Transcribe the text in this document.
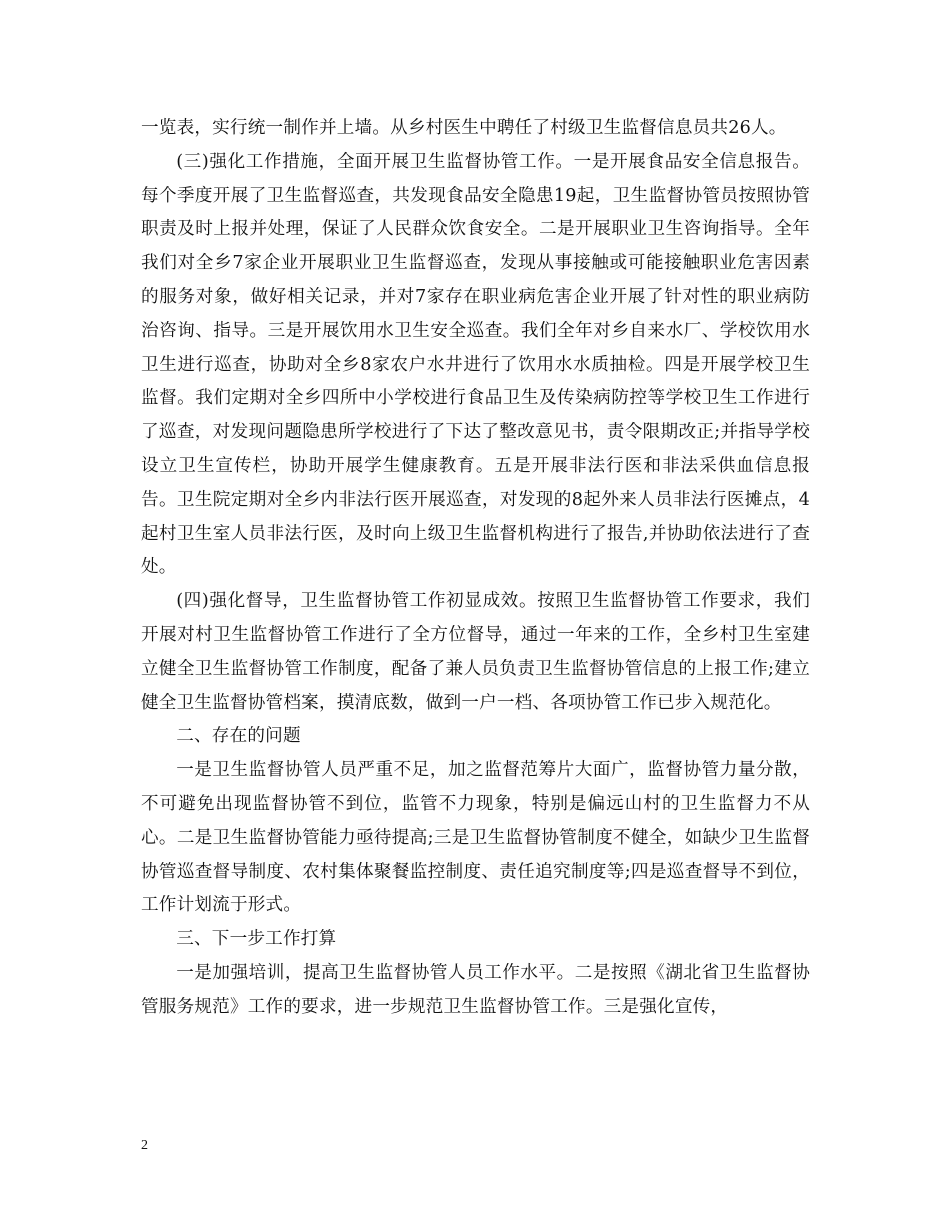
一览表，实行统一制作并上墙。从乡村医生中聘任了村级卫生监督信息员共26人。

(三)强化工作措施，全面开展卫生监督协管工作。一是开展食品安全信息报告。每个季度开展了卫生监督巡查，共发现食品安全隐患19起，卫生监督协管员按照协管职责及时上报并处理，保证了人民群众饮食安全。二是开展职业卫生咨询指导。全年我们对全乡7家企业开展职业卫生监督巡查，发现从事接触或可能接触职业危害因素的服务对象，做好相关记录，并对7家存在职业病危害企业开展了针对性的职业病防治咨询、指导。三是开展饮用水卫生安全巡查。我们全年对乡自来水厂、学校饮用水卫生进行巡查，协助对全乡8家农户水井进行了饮用水水质抽检。四是开展学校卫生监督。我们定期对全乡四所中小学校进行食品卫生及传染病防控等学校卫生工作进行了巡查，对发现问题隐患所学校进行了下达了整改意见书，责令限期改正;并指导学校设立卫生宣传栏，协助开展学生健康教育。五是开展非法行医和非法采供血信息报告。卫生院定期对全乡内非法行医开展巡查，对发现的8起外来人员非法行医摊点，4起村卫生室人员非法行医，及时向上级卫生监督机构进行了报告,并协助依法进行了查处。

(四)强化督导，卫生监督协管工作初显成效。按照卫生监督协管工作要求，我们开展对村卫生监督协管工作进行了全方位督导，通过一年来的工作，全乡村卫生室建立健全卫生监督协管工作制度，配备了兼人员负责卫生监督协管信息的上报工作;建立健全卫生监督协管档案，摸清底数，做到一户一档、各项协管工作已步入规范化。

二、存在的问题

一是卫生监督协管人员严重不足，加之监督范筹片大面广，监督协管力量分散，不可避免出现监督协管不到位，监管不力现象，特别是偏远山村的卫生监督力不从心。二是卫生监督协管能力亟待提高;三是卫生监督协管制度不健全，如缺少卫生监督协管巡查督导制度、农村集体聚餐监控制度、责任追究制度等;四是巡查督导不到位，工作计划流于形式。

三、下一步工作打算

一是加强培训，提高卫生监督协管人员工作水平。二是按照《湖北省卫生监督协管服务规范》工作的要求，进一步规范卫生监督协管工作。三是强化宣传，

2
